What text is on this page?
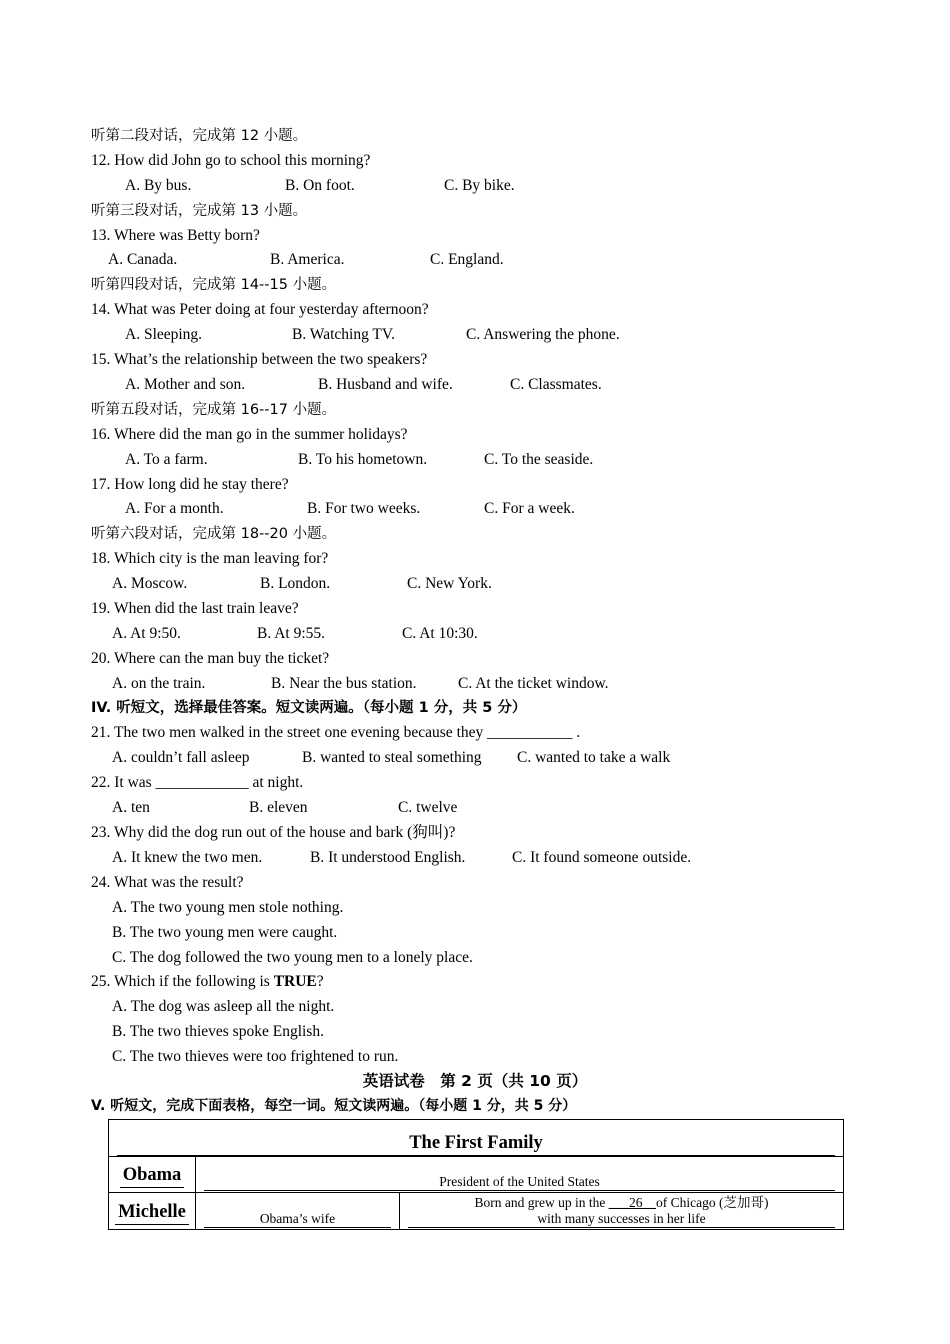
听第二段对话，完成第 12 小题。
12. How did John go to school this morning?
A. By bus.	B. On foot.	C. By bike.
听第三段对话，完成第 13 小题。
13. Where was Betty born?
A. Canada.	B. America.	C. England.
听第四段对话，完成第 14--15 小题。
14. What was Peter doing at four yesterday afternoon?
A. Sleeping.	B. Watching TV.	C. Answering the phone.
15. What’s the relationship between the two speakers?
A. Mother and son.	B. Husband and wife.	C. Classmates.
听第五段对话，完成第 16--17 小题。
16. Where did the man go in the summer holidays?
A. To a farm.	B. To his hometown.	C. To the seaside.
17. How long did he stay there?
A. For a month.	B. For two weeks.	C. For a week.
听第六段对话，完成第 18--20 小题。
18. Which city is the man leaving for?
A. Moscow.	B. London.	C. New York.
19. When did the last train leave?
A. At 9:50.	B. At 9:55.	C. At 10:30.
20. Where can the man buy the ticket?
A. on the train.	B. Near the bus station.	C. At the ticket window.
IV. 听短文，选择最佳答案。短文读两遍。（每小题 1 分，共 5 分）
21. The two men walked in the street one evening because they ___________ .
A. couldn’t fall asleep	B. wanted to steal something C. wanted to take a walk
22. It was ____________ at night.
A. ten	B. eleven	C. twelve
23. Why did the dog run out of the house and bark (狗叫)?
A. It knew the two men.	B. It understood English.	C. It found someone outside.
24. What was the result?
A. The two young men stole nothing.
B. The two young men were caught.
C. The dog followed the two young men to a lonely place.
25. Which if the following is TRUE?
A. The dog was asleep all the night.
B. The two thieves spoke English.
C. The two thieves were too frightened to run.
英语试卷　第 2 页（共 10 页）
V. 听短文，完成下面表格，每空一词。短文读两遍。（每小题 1 分，共 5 分）
The First Family		

Obama	President of the United States	

Michelle	Obama’s wife	Born and grew up in the ___26__of Chicago (芝加哥)
with many successes in her life
